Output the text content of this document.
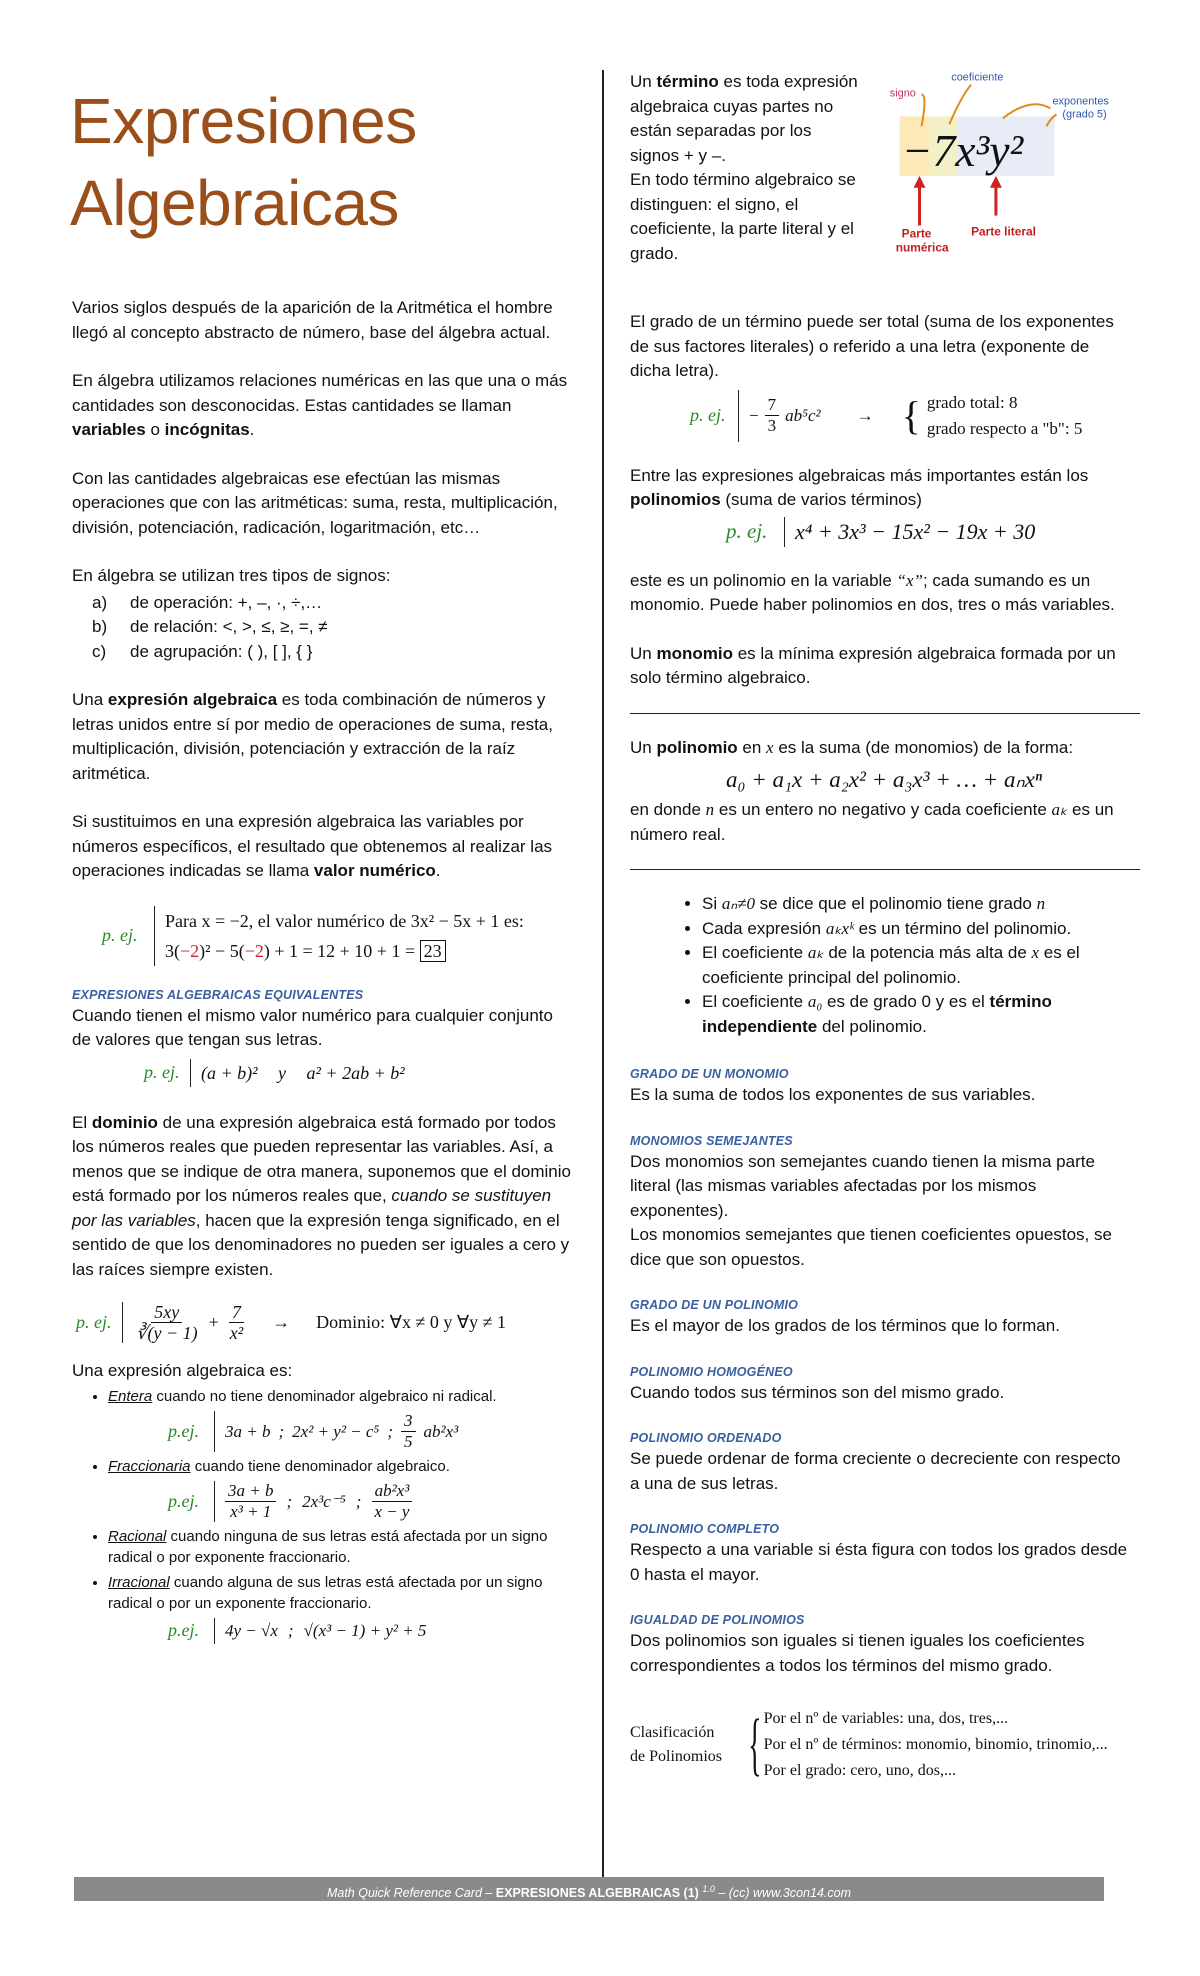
Expresiones
Algebraicas

Varios siglos después de la aparición de la Aritmética el hombre llegó al concepto abstracto de número, base del álgebra actual.

En álgebra utilizamos relaciones numéricas en las que una o más cantidades son desconocidas. Estas cantidades se llaman variables o incógnitas.

Con las cantidades algebraicas ese efectúan las mismas operaciones que con las aritméticas: suma, resta, multiplicación, división, potenciación, radicación, logaritmación, etc…

En álgebra se utilizan tres tipos de signos:

a) de operación: +, –, ·, ÷,…
b) de relación: <, >, ≤, ≥, =, ≠
c) de agrupación: ( ), [ ], { }

Una expresión algebraica es toda combinación de números y letras unidos entre sí por medio de operaciones de suma, resta, multiplicación, división, potenciación y extracción de la raíz aritmética.

Si sustituimos en una expresión algebraica las variables por números específicos, el resultado que obtenemos al realizar las operaciones indicadas se llama valor numérico.

p. ej.
Para x = −2, el valor numérico de 3x² − 5x + 1 es:
3(−2)² − 5(−2) + 1 = 12 + 10 + 1 = 23
EXPRESIONES ALGEBRAICAS EQUIVALENTES

Cuando tienen el mismo valor numérico para cualquier conjunto de valores que tengan sus letras.

p. ej.	(a + b)² y a² + 2ab + b²

El dominio de una expresión algebraica está formado por todos los números reales que pueden representar las variables. Así, a menos que se indique de otra manera, suponemos que el dominio está formado por los números reales que, cuando se sustituyen por las variables, hacen que la expresión tenga significado, en el sentido de que los denominadores no pueden ser iguales a cero y las raíces siempre existen.

p. ej.	$\frac{5xy}{∛(y - 1)} + \frac{7}{\text{x²}}$ → Dominio: ∀x ≠ 0 y ∀y ≠ 1

Una expresión algebraica es:

• Entera cuando no tiene denominador algebraico ni radical.
p.ej.	3a + b ; 2x² + y² − c⁵ ; $\frac{3}{5} ab^2x^3$
• Fraccionaria cuando tiene denominador algebraico.
p.ej.	$\frac{3a + b}{\text{x³ + 1}}$ ; 2x³c⁻⁵ ; $\frac{\text{ab²x³}}{x - y}$
• Racional cuando ninguna de sus letras está afectada por un signo radical o por exponente fraccionario.
• Irracional cuando alguna de sus letras está afectada por un signo radical o por un exponente fraccionario.
p.ej.	4y − √x ; √(x³ − 1) + y² + 5

Un término es toda expresión algebraica cuyas partes no están separadas por los signos + y –.
En todo término algebraico se distinguen: el signo, el coeficiente, la parte literal y el grado.

signo
coeficiente
exponentes
(grado 5)
−7x³y²
Parte
numérica
Parte literal

El grado de un término puede ser total (suma de los exponentes de sus factores literales) o referido a una letra (exponente de dicha letra).

p. ej.	− $\frac{7}{3} ab^5c^2$ → { grado total: 8
grado respecto a "b": 5

Entre las expresiones algebraicas más importantes están los polinomios (suma de varios términos)

p. ej.	x⁴ + 3x³ − 15x² − 19x + 30

este es un polinomio en la variable “x”; cada sumando es un monomio. Puede haber polinomios en dos, tres o más variables.

Un monomio es la mínima expresión algebraica formada por un solo término algebraico.

Un polinomio en x es la suma (de monomios) de la forma:

a₀ + a₁x + a₂x² + a₃x³ + … + aₙxⁿ

en donde n es un entero no negativo y cada coeficiente aₖ es un número real.

• Si aₙ≠0 se dice que el polinomio tiene grado n
• Cada expresión aₖxᵏ es un término del polinomio.
• El coeficiente aₖ de la potencia más alta de x es el coeficiente principal del polinomio.
• El coeficiente a₀ es de grado 0 y es el término independiente del polinomio.
GRADO DE UN MONOMIO

Es la suma de todos los exponentes de sus variables.

MONOMIOS SEMEJANTES

Dos monomios son semejantes cuando tienen la misma parte literal (las mismas variables afectadas por los mismos exponentes).

Los monomios semejantes que tienen coeficientes opuestos, se dice que son opuestos.

GRADO DE UN POLINOMIO

Es el mayor de los grados de los términos que lo forman.

POLINOMIO HOMOGÉNEO

Cuando todos sus términos son del mismo grado.

POLINOMIO ORDENADO

Se puede ordenar de forma creciente o decreciente con respecto a una de sus letras.

POLINOMIO COMPLETO

Respecto a una variable si ésta figura con todos los grados desde 0 hasta el mayor.

IGUALDAD DE POLINOMIOS

Dos polinomios son iguales si tienen iguales los coeficientes correspondientes a todos los términos del mismo grado.

Clasificación
de Polinomios { Por el nº de variables: una, dos, tres,...
Por el nº de términos: monomio, binomio, trinomio,...
Por el grado: cero, uno, dos,...
Math Quick Reference Card – EXPRESIONES ALGEBRAICAS (1) $^{1.0}$ – (cc) www.3con14.com
